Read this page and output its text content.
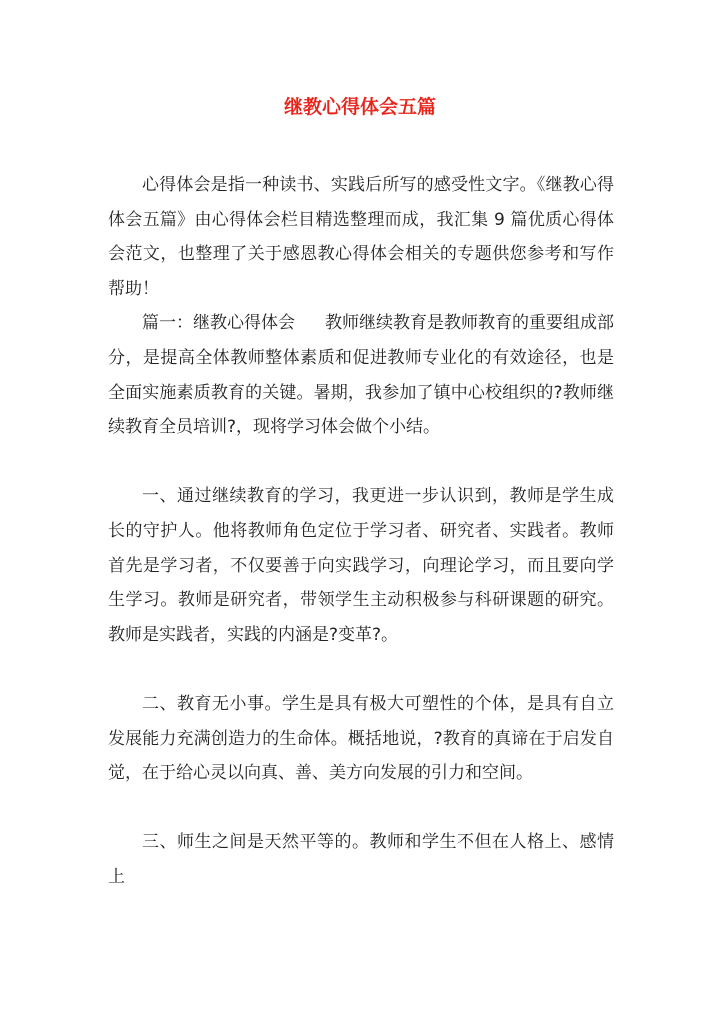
继教心得体会五篇

心得体会是指一种读书、实践后所写的感受性文字。《继教心得体会五篇》由心得体会栏目精选整理而成，我汇集 9 篇优质心得体会范文，也整理了关于感恩教心得体会相关的专题供您参考和写作帮助！

篇一：继教心得体会 教师继续教育是教师教育的重要组成部分，是提高全体教师整体素质和促进教师专业化的有效途径，也是全面实施素质教育的关键。暑期，我参加了镇中心校组织的?教师继续教育全员培训?，现将学习体会做个小结。

一、通过继续教育的学习，我更进一步认识到，教师是学生成长的守护人。他将教师角色定位于学习者、研究者、实践者。教师首先是学习者，不仅要善于向实践学习，向理论学习，而且要向学生学习。教师是研究者，带领学生主动积极参与科研课题的研究。教师是实践者，实践的内涵是?变革?。

二、教育无小事。学生是具有极大可塑性的个体，是具有自立发展能力充满创造力的生命体。概括地说，?教育的真谛在于启发自觉，在于给心灵以向真、善、美方向发展的引力和空间。

三、师生之间是天然平等的。教师和学生不但在人格上、感情上
